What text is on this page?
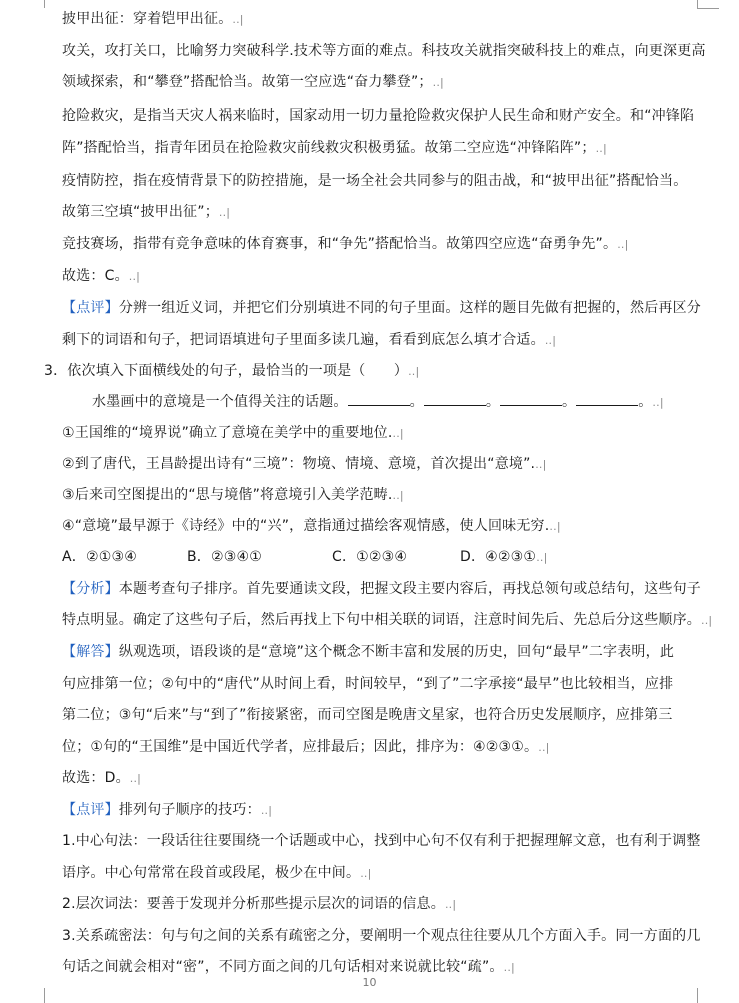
披甲出征：穿着铠甲出征。..|
攻关，攻打关口，比喻努力突破科学.技术等方面的难点。科技攻关就指突破科技上的难点，向更深更高
领域探索，和“攀登”搭配恰当。故第一空应选“奋力攀登”；..|
抢险救灾，是指当天灾人祸来临时，国家动用一切力量抢险救灾保护人民生命和财产安全。和“冲锋陷
阵”搭配恰当，指青年团员在抢险救灾前线救灾积极勇猛。故第二空应选“冲锋陷阵”；..|
疫情防控，指在疫情背景下的防控措施，是一场全社会共同参与的阻击战，和“披甲出征”搭配恰当。
故第三空填“披甲出征”；..|
竞技赛场，指带有竞争意味的体育赛事，和“争先”搭配恰当。故第四空应选“奋勇争先”。..|
故选：C。..|
【点评】分辨一组近义词，并把它们分别填进不同的句子里面。这样的题目先做有把握的，然后再区分
剩下的词语和句子，把词语填进句子里面多读几遍，看看到底怎么填才合适。..|
3．依次填入下面横线处的句子，最恰当的一项是（　　）..|
水墨画中的意境是一个值得关注的话题。	。	。	。	。..|
①王国维的“境界说”确立了意境在美学中的重要地位...|
②到了唐代，王昌龄提出诗有“三境”：物境、情境、意境，首次提出“意境”...|
③后来司空图提出的“思与境偕”将意境引入美学范畴...|
④“意境”最早源于《诗经》中的“兴”，意指通过描绘客观情感，使人回味无穷...|
A．②①③④	B．②③④①	C．①②③④	D．④②③①..|
【分析】本题考查句子排序。首先要通读文段，把握文段主要内容后，再找总领句或总结句，这些句子
特点明显。确定了这些句子后，然后再找上下句中相关联的词语，注意时间先后、先总后分这些顺序。..|
【解答】纵观选项，语段谈的是“意境”这个概念不断丰富和发展的历史，回句“最早”二字表明，此
句应排第一位；②句中的“唐代”从时间上看，时间较早，“到了”二字承接“最早”也比较相当，应排
第二位；③句“后来”与“到了”衔接紧密，而司空图是晚唐文星家，也符合历史发展顺序，应排第三
位；①句的“王国维”是中国近代学者，应排最后；因此，排序为：④②③①。..|
故选：D。..|
【点评】排列句子顺序的技巧：..|
1.中心句法：一段话往往要围绕一个话题或中心，找到中心句不仅有利于把握理解文意，也有利于调整
语序。中心句常常在段首或段尾，极少在中间。..|
2.层次词法：要善于发现并分析那些提示层次的词语的信息。..|
3.关系疏密法：句与句之间的关系有疏密之分，要阐明一个观点往往要从几个方面入手。同一方面的几
句话之间就会相对“密”，不同方面之间的几句话相对来说就比较“疏”。..|
10
